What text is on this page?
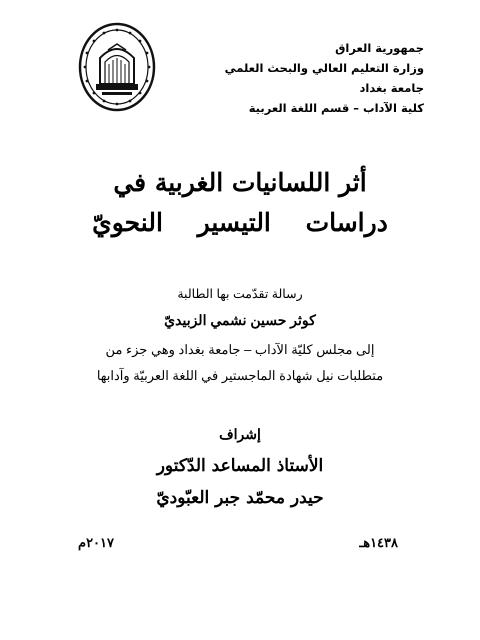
جمهورية العراق
وزارة التعليم العالي والبحث العلمي
جامعة بغداد
كلية الآداب – قسم اللغة العربية
أثر اللسانيات الغربية في
دراسات التيسير النحويّ
رسالة تقدّمت بها الطالبة
كوثر حسين نشمي الزبيديّ
إلى مجلس كليّة الآداب – جامعة بغداد وهي جزء من
متطلبات نيل شهادة الماجستير في اللغة العربيّة وآدابها
إشراف
الأستاذ المساعد الدّكتور
حيدر محمّد جبر العبّوديّ
١٤٣٨هـ
٢٠١٧م
